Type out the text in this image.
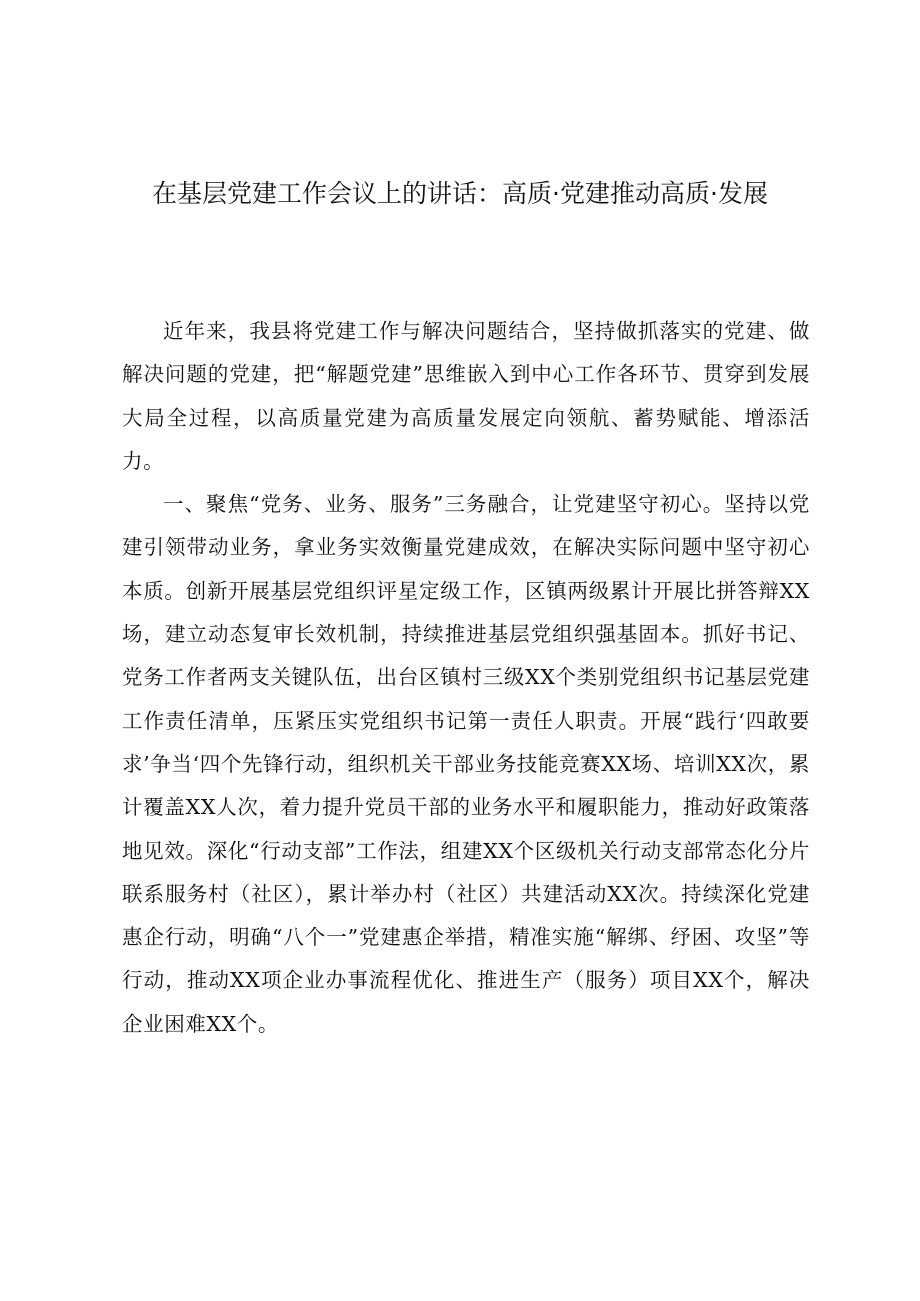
在基层党建工作会议上的讲话：高质·党建推动高质·发展

近年来，我县将党建工作与解决问题结合，坚持做抓落实的党建、做解决问题的党建，把“解题党建”思维嵌入到中心工作各环节、贯穿到发展大局全过程，以高质量党建为高质量发展定向领航、蓄势赋能、增添活力。

一、聚焦“党务、业务、服务”三务融合，让党建坚守初心。坚持以党建引领带动业务，拿业务实效衡量党建成效，在解决实际问题中坚守初心本质。创新开展基层党组织评星定级工作，区镇两级累计开展比拼答辩XX场，建立动态复审长效机制，持续推进基层党组织强基固本。抓好书记、党务工作者两支关键队伍，出台区镇村三级XX个类别党组织书记基层党建工作责任清单，压紧压实党组织书记第一责任人职责。开展“践行‘四敢要求’争当‘四个先锋行动，组织机关干部业务技能竞赛XX场、培训XX次，累计覆盖XX人次，着力提升党员干部的业务水平和履职能力，推动好政策落地见效。深化“行动支部”工作法，组建XX个区级机关行动支部常态化分片联系服务村（社区），累计举办村（社区）共建活动XX次。持续深化党建惠企行动，明确“八个一”党建惠企举措，精准实施“解绑、纾困、攻坚”等行动，推动XX项企业办事流程优化、推进生产（服务）项目XX个，解决企业困难XX个。
